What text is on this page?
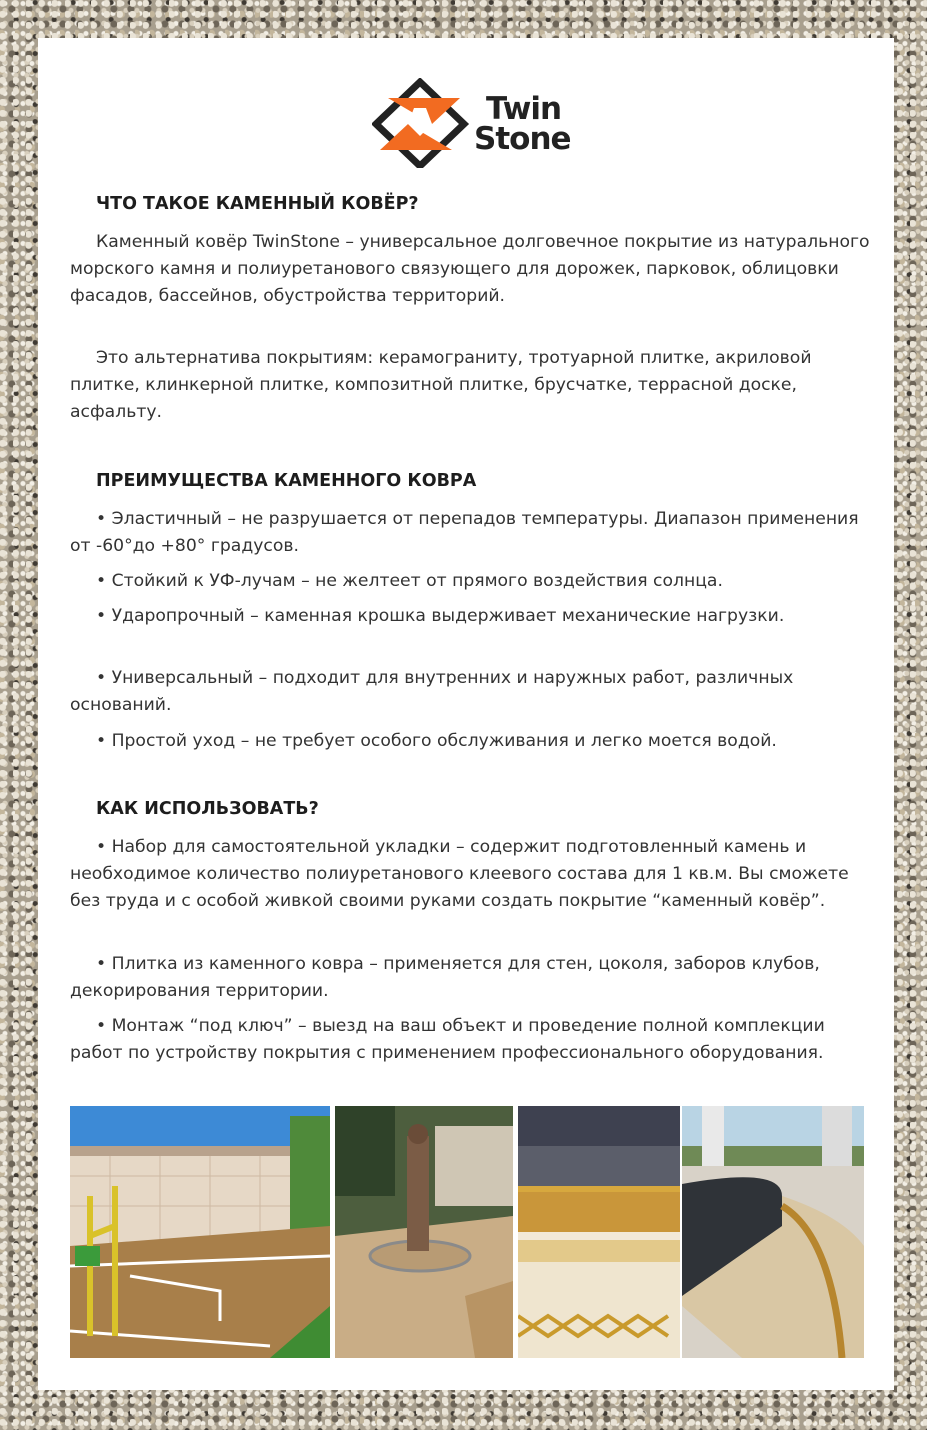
Twin
Stone
ЧТО ТАКОЕ КАМЕННЫЙ КОВЁР?

Каменный ковёр TwinStone – универсальное долговечное покрытие из натурального морского камня и полиуретанового связующего для дорожек, парковок, облицовки фасадов, бассейнов, обустройства территорий.

Это альтернатива покрытиям: керамограниту, тротуарной плитке, акриловой плитке, клинкерной плитке, композитной плитке, брусчатке, террасной доске, асфальту.

ПРЕИМУЩЕСТВА КАМЕННОГО КОВРА

• Эластичный – не разрушается от перепадов температуры. Диапазон применения от -60°до +80° градусов.

• Стойкий к УФ-лучам – не желтеет от прямого воздействия солнца.

• Ударопрочный – каменная крошка выдерживает механические нагрузки.

• Универсальный – подходит для внутренних и наружных работ, различных оснований.

• Простой уход – не требует особого обслуживания и легко моется водой.

КАК ИСПОЛЬЗОВАТЬ?

• Набор для самостоятельной укладки – содержит подготовленный камень и необходимое количество полиуретанового клеевого состава для 1 кв.м. Вы сможете без труда и с особой живкой своими руками создать покрытие “каменный ковёр”.

• Плитка из каменного ковра – применяется для стен, цоколя, заборов клубов, декорирования территории.

• Монтаж “под ключ” – выезд на ваш объект и проведение полной комплекции работ по устройству покрытия с применением профессионального оборудования.
